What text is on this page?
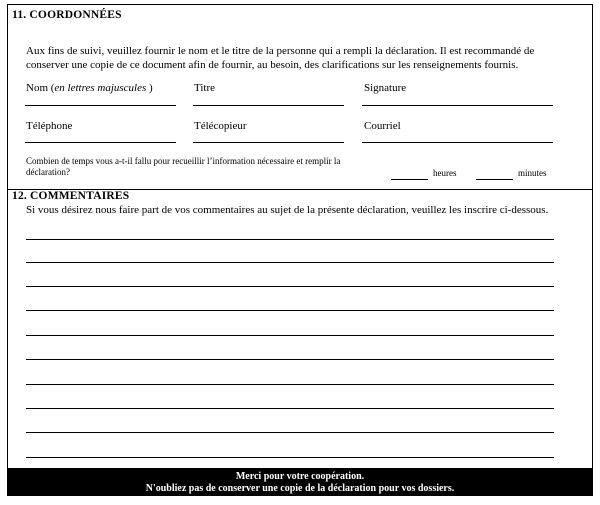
11. COORDONNÉES
Aux fins de suivi, veuillez fournir le nom et le titre de la personne qui a rempli la déclaration. Il est recommandé de conserver une copie de ce document afin de fournir, au besoin, des clarifications sur les renseignements fournis.
Nom (en lettres majuscules )	Titre	Signature
Téléphone	Télécopieur	Courriel
Combien de temps vous a-t-il fallu pour recueillir l’information nécessaire et remplir la déclaration?	heures	minutes
12. COMMENTAIRES
Si vous désirez nous faire part de vos commentaires au sujet de la présente déclaration, veuillez les inscrire ci-dessous.
Merci pour votre coopération.
N'oubliez pas de conserver une copie de la déclaration pour vos dossiers.
